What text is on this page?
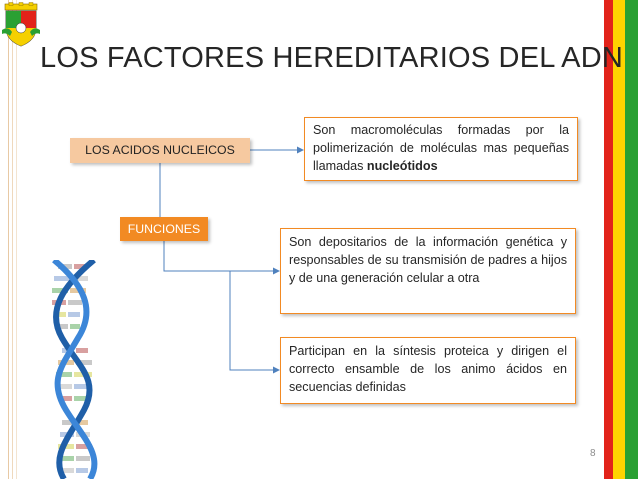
LOS FACTORES HEREDITARIOS DEL ADN
LOS ACIDOS NUCLEICOS
FUNCIONES

Son macromoléculas formadas por la polimerización de moléculas mas pequeñas llamadas nucleótidos

Son depositarios de la información genética y responsables de su transmisión de padres a hijos y de una generación celular a otra

Participan en la síntesis proteica y dirigen el correcto ensamble de los animo ácidos en secuencias definidas

8
